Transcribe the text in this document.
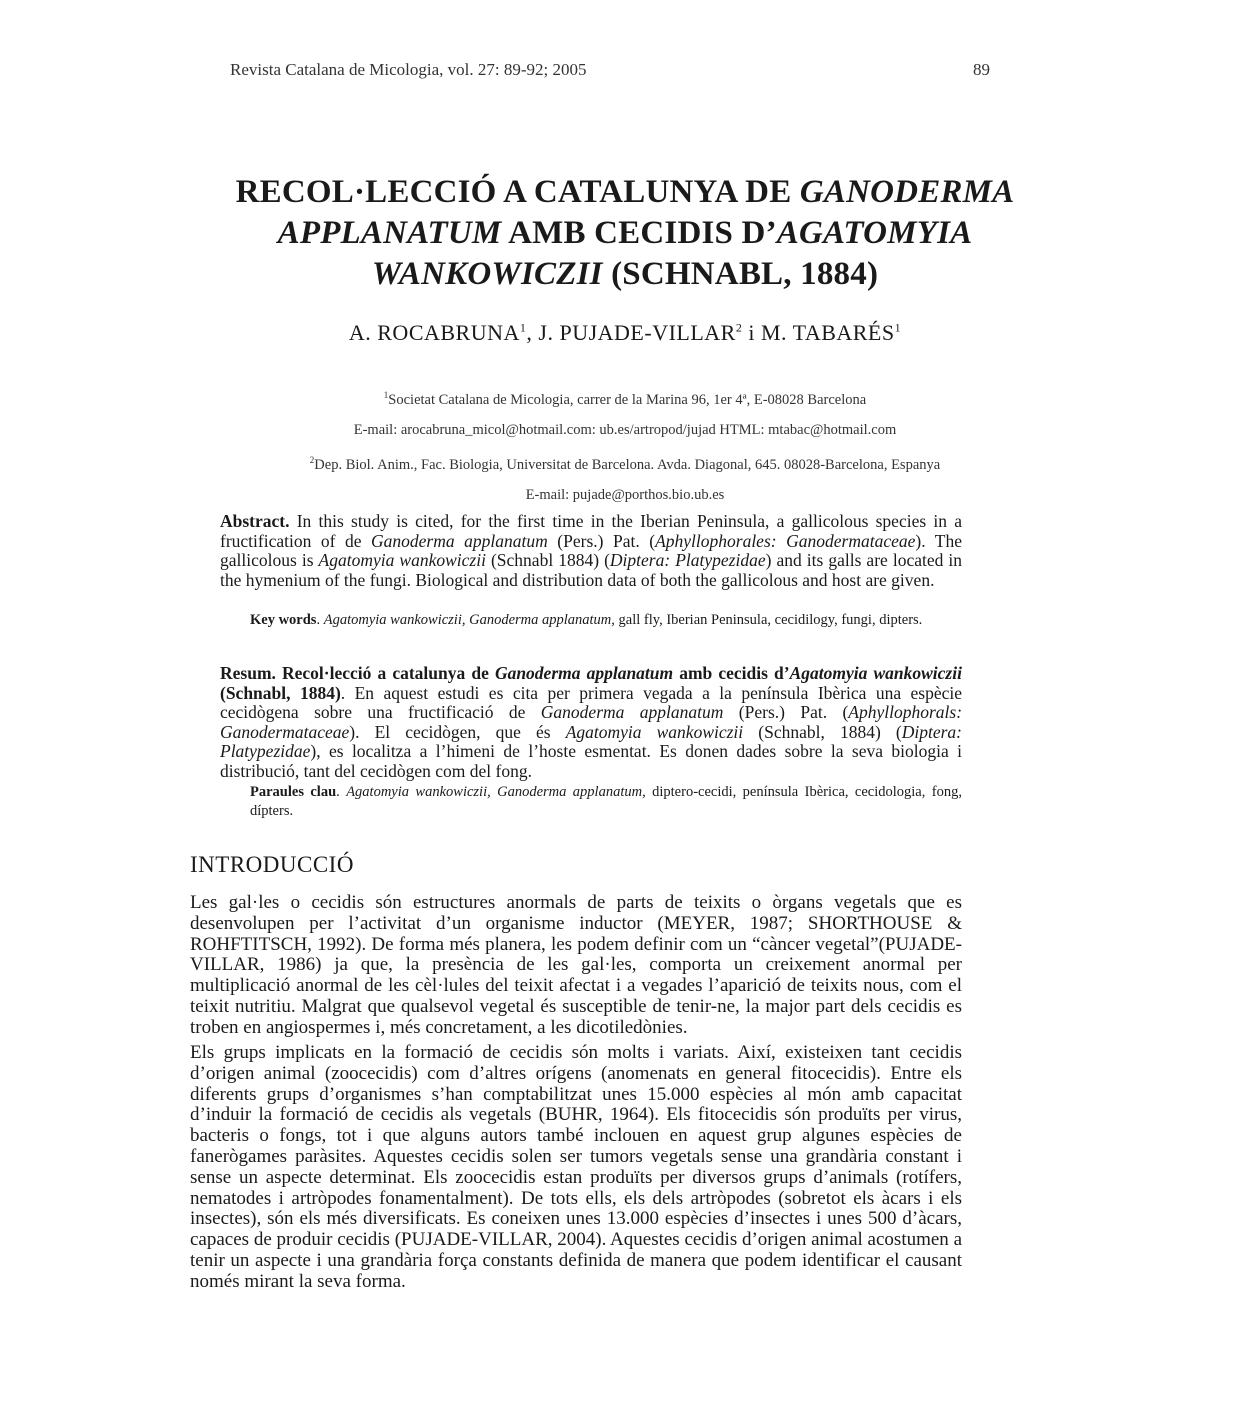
Revista Catalana de Micologia, vol. 27: 89-92; 2005	89
RECOL·LECCIÓ A CATALUNYA DE GANODERMA APPLANATUM AMB CECIDIS D’AGATOMYIA WANKOWICZII (SCHNABL, 1884)
A. ROCABRUNA$^1$, J. PUJADE-VILLAR$^2$ i M. TABARÉS$^1$
$^1$Societat Catalana de Micologia, carrer de la Marina 96, 1er 4ª, E-08028 Barcelona
E-mail: arocabruna_micol@hotmail.com: ub.es/artropod/jujad HTML: mtabac@hotmail.com
$^2$Dep. Biol. Anim., Fac. Biologia, Universitat de Barcelona. Avda. Diagonal, 645. 08028-Barcelona, Espanya
E-mail: pujade@porthos.bio.ub.es
Abstract. In this study is cited, for the first time in the Iberian Peninsula, a gallicolous species in a fructification of de Ganoderma applanatum (Pers.) Pat. (Aphyllophorales: Ganodermataceae). The gallicolous is Agatomyia wankowiczii (Schnabl 1884) (Diptera: Platypezidae) and its galls are located in the hymenium of the fungi. Biological and distribution data of both the gallicolous and host are given.
Key words. Agatomyia wankowiczii, Ganoderma applanatum, gall fly, Iberian Peninsula, cecidilogy, fungi, dipters.
Resum. Recol·lecció a catalunya de Ganoderma applanatum amb cecidis d’Agatomyia wankowiczii (Schnabl, 1884). En aquest estudi es cita per primera vegada a la península Ibèrica una espècie cecidògena sobre una fructificació de Ganoderma applanatum (Pers.) Pat. (Aphyllophorals: Ganodermataceae). El cecidògen, que és Agatomyia wankowiczii (Schnabl, 1884) (Diptera: Platypezidae), es localitza a l’himeni de l’hoste esmentat. Es donen dades sobre la seva biologia i distribució, tant del cecidògen com del fong.
Paraules clau. Agatomyia wankowiczii, Ganoderma applanatum, diptero-cecidi, península Ibèrica, cecidologia, fong, dípters.
INTRODUCCIÓ
Les gal·les o cecidis són estructures anormals de parts de teixits o òrgans vegetals que es desenvolupen per l’activitat d’un organisme inductor (MEYER, 1987; SHORTHOUSE & ROHFTITSCH, 1992). De forma més planera, les podem definir com un “càncer vegetal”(PUJADE-VILLAR, 1986) ja que, la presència de les gal·les, comporta un creixement anormal per multiplicació anormal de les cèl·lules del teixit afectat i a vegades l’aparició de teixits nous, com el teixit nutritiu. Malgrat que qualsevol vegetal és susceptible de tenir-ne, la major part dels cecidis es troben en angiospermes i, més concretament, a les dicotiledònies.
Els grups implicats en la formació de cecidis són molts i variats. Així, existeixen tant cecidis d’origen animal (zoocecidis) com d’altres orígens (anomenats en general fitocecidis). Entre els diferents grups d’organismes s’han comptabilitzat unes 15.000 espècies al món amb capacitat d’induir la formació de cecidis als vegetals (BUHR, 1964). Els fitocecidis són produïts per virus, bacteris o fongs, tot i que alguns autors també inclouen en aquest grup algunes espècies de fanerògames paràsites. Aquestes cecidis solen ser tumors vegetals sense una grandària constant i sense un aspecte determinat. Els zoocecidis estan produïts per diversos grups d’animals (rotífers, nematodes i artròpodes fonamentalment). De tots ells, els dels artròpodes (sobretot els àcars i els insectes), són els més diversificats. Es coneixen unes 13.000 espècies d’insectes i unes 500 d’àcars, capaces de produir cecidis (PUJADE-VILLAR, 2004). Aquestes cecidis d’origen animal acostumen a tenir un aspecte i una grandària força constants definida de manera que podem identificar el causant només mirant la seva forma.
